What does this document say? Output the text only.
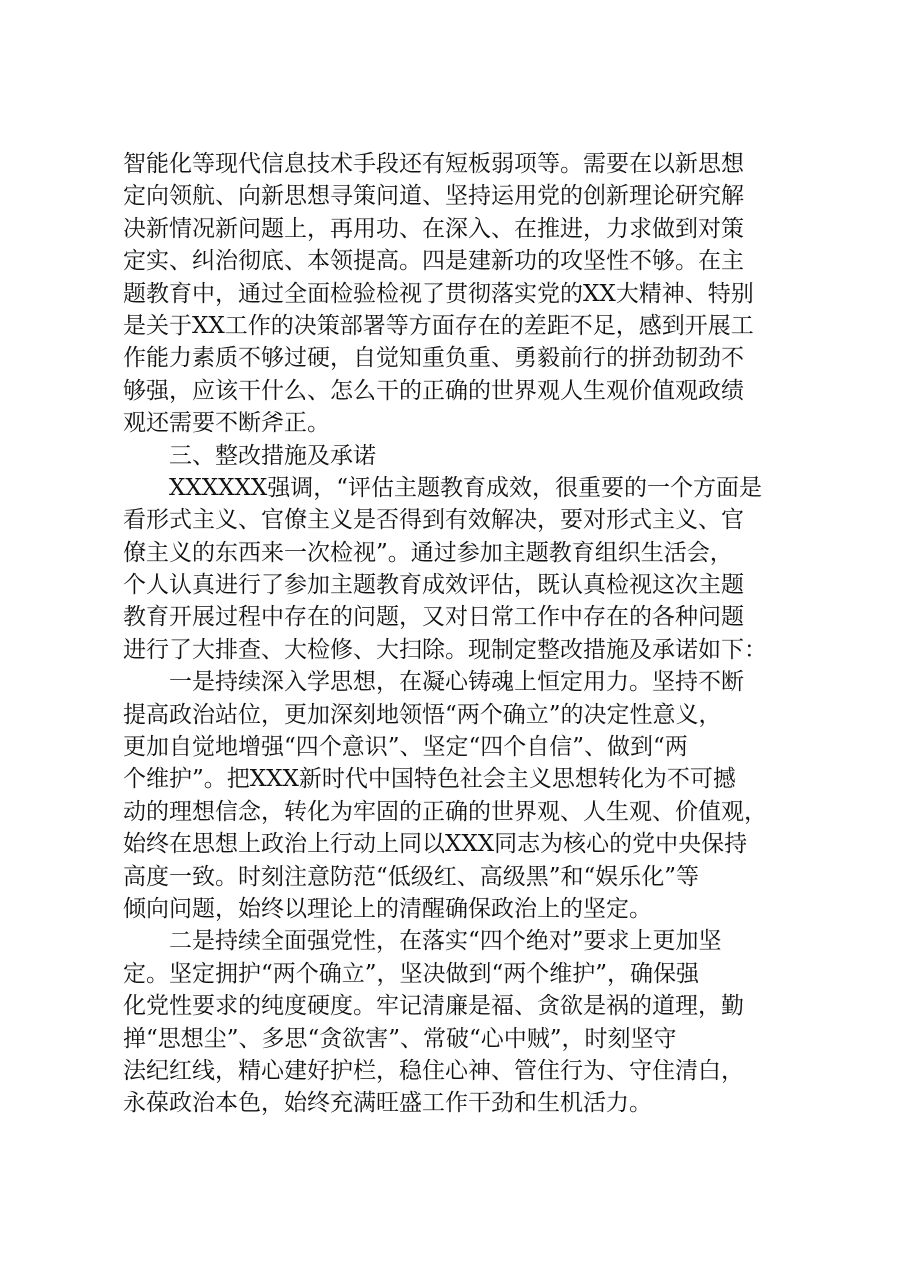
智能化等现代信息技术手段还有短板弱项等。需要在以新思想
定向领航、向新思想寻策问道、坚持运用党的创新理论研究解
决新情况新问题上，再用功、在深入、在推进，力求做到对策
定实、纠治彻底、本领提高。四是建新功的攻坚性不够。在主
题教育中，通过全面检验检视了贯彻落实党的XX大精神、特别
是关于XX工作的决策部署等方面存在的差距不足，感到开展工
作能力素质不够过硬，自觉知重负重、勇毅前行的拼劲韧劲不
够强，应该干什么、怎么干的正确的世界观人生观价值观政绩
观还需要不断斧正。
三、整改措施及承诺
XXXXXX强调，“评估主题教育成效，很重要的一个方面是
看形式主义、官僚主义是否得到有效解决，要对形式主义、官
僚主义的东西来一次检视”。通过参加主题教育组织生活会，
个人认真进行了参加主题教育成效评估，既认真检视这次主题
教育开展过程中存在的问题，又对日常工作中存在的各种问题
进行了大排查、大检修、大扫除。现制定整改措施及承诺如下：
一是持续深入学思想，在凝心铸魂上恒定用力。坚持不断
提高政治站位，更加深刻地领悟“两个确立”的决定性意义，
更加自觉地增强“四个意识”、坚定“四个自信”、做到“两
个维护”。把XXX新时代中国特色社会主义思想转化为不可撼
动的理想信念，转化为牢固的正确的世界观、人生观、价值观，
始终在思想上政治上行动上同以XXX同志为核心的党中央保持
高度一致。时刻注意防范“低级红、高级黑”和“娱乐化”等
倾向问题，始终以理论上的清醒确保政治上的坚定。
二是持续全面强党性，在落实“四个绝对”要求上更加坚
定。坚定拥护“两个确立”，坚决做到“两个维护”，确保强
化党性要求的纯度硬度。牢记清廉是福、贪欲是祸的道理，勤
掸“思想尘”、多思“贪欲害”、常破“心中贼”，时刻坚守
法纪红线，精心建好护栏，稳住心神、管住行为、守住清白，
永葆政治本色，始终充满旺盛工作干劲和生机活力。
